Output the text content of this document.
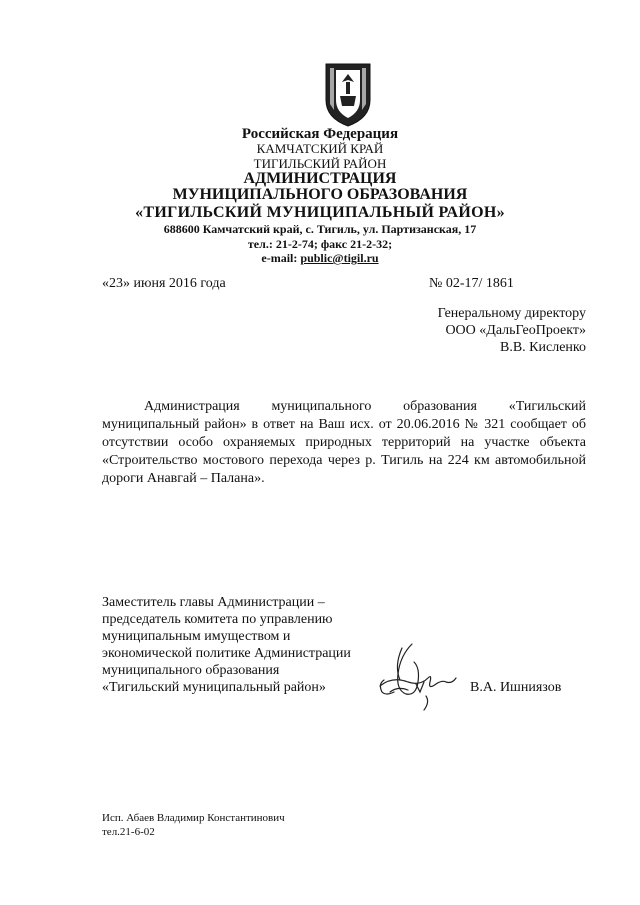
Российская Федерация
КАМЧАТСКИЙ КРАЙ
ТИГИЛЬСКИЙ РАЙОН
АДМИНИСТРАЦИЯ
МУНИЦИПАЛЬНОГО ОБРАЗОВАНИЯ
«ТИГИЛЬСКИЙ МУНИЦИПАЛЬНЫЙ РАЙОН»
688600 Камчатский край, с. Тигиль, ул. Партизанская, 17
тел.: 21-2-74; факс 21-2-32;
e-mail: public@tigil.ru
«23» июня 2016 года	№ 02-17/ 1861
Генеральному директору
ООО «ДальГеоПроект»
В.В. Кисленко
Администрация муниципального образования «Тигильский
муниципальный район» в ответ на Ваш исх. от 20.06.2016 № 321 сообщает об
отсутствии особо охраняемых природных территорий на участке объекта
«Строительство мостового перехода через р. Тигиль на 224 км автомобильной
дороги Анавгай – Палана».
Заместитель главы Администрации –
председатель комитета по управлению
муниципальным имуществом и
экономической политике Администрации
муниципального образования
«Тигильский муниципальный район»	В.А. Ишниязов
Исп. Абаев Владимир Константинович
тел.21-6-02
